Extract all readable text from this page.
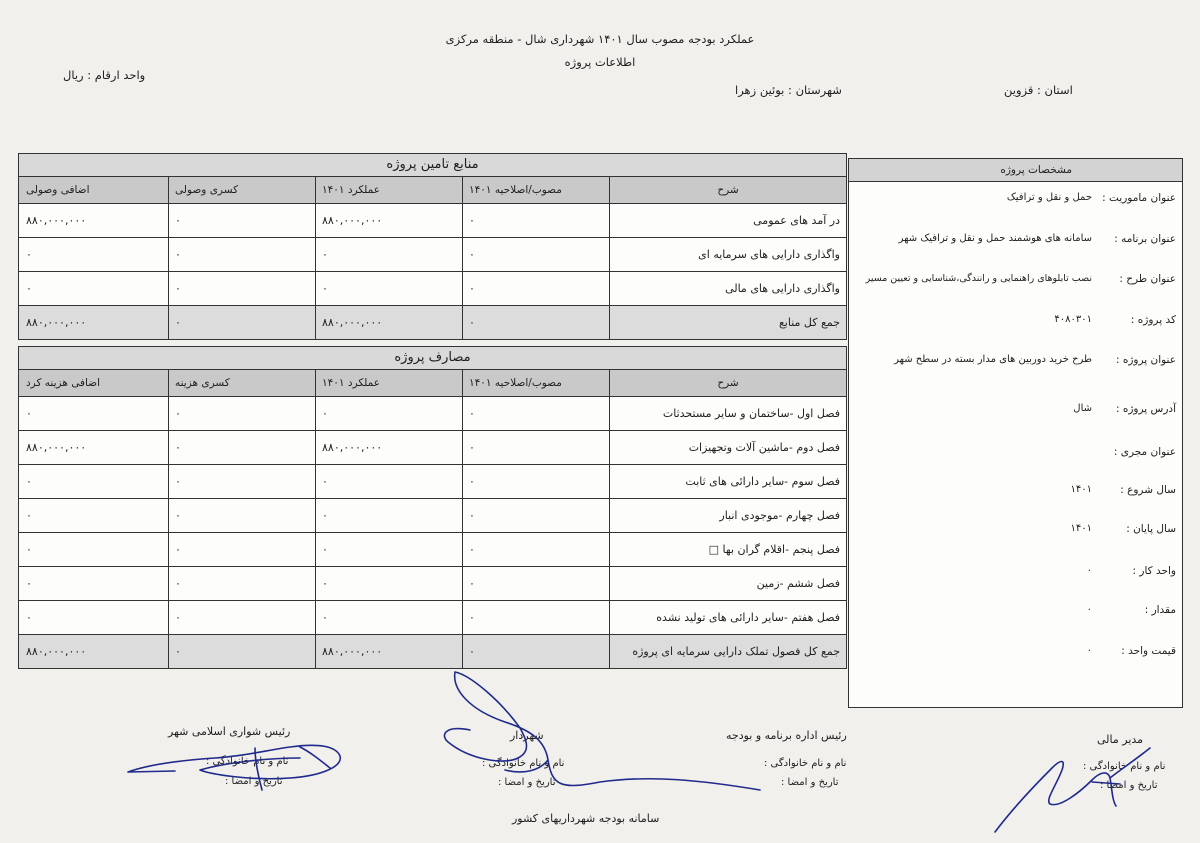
عملکرد بودجه مصوب سال ۱۴۰۱ شهرداری شال - منطقه مرکزی
اطلاعات پروژه
واحد ارقام : ریال
استان : قزوین
شهرستان : بوئین زهرا
منابع تامین پروژه
شرح
مصوب/اصلاحیه ۱۴۰۱
عملکرد ۱۴۰۱
کسری وصولی
اضافی وصولی
در آمد های عمومی
۰
۸۸۰,۰۰۰,۰۰۰
۰
۸۸۰,۰۰۰,۰۰۰
واگذاری دارایی های سرمایه ای
۰
۰
۰
۰
واگذاری دارایی های مالی
۰
۰
۰
۰
جمع کل منابع
۰
۸۸۰,۰۰۰,۰۰۰
۰
۸۸۰,۰۰۰,۰۰۰
مصارف پروژه
شرح
مصوب/اصلاحیه ۱۴۰۱
عملکرد ۱۴۰۱
کسری هزینه
اضافی هزینه کرد
فصل اول -ساختمان و سایر مستحدثات
۰
۰
۰
۰
فصل دوم -ماشین آلات وتجهیزات
۰
۸۸۰,۰۰۰,۰۰۰
۰
۸۸۰,۰۰۰,۰۰۰
فصل سوم -سایر دارائی های ثابت
۰
۰
۰
۰
فصل چهارم -موجودی انبار
۰
۰
۰
۰
فصل پنجم -اقلام گران بها □
۰
۰
۰
۰
فصل ششم -زمین
۰
۰
۰
۰
فصل هفتم -سایر دارائی های تولید نشده
۰
۰
۰
۰
جمع کل فصول تملک دارایی سرمایه ای پروژه
۰
۸۸۰,۰۰۰,۰۰۰
۰
۸۸۰,۰۰۰,۰۰۰
مشخصات پروژه
عنوان ماموریت :
حمل و نقل و ترافیک
عنوان برنامه :
سامانه های هوشمند حمل و نقل و ترافیک شهر
عنوان طرح :
نصب تابلوهای راهنمایی و رانندگی،شناسایی و تعیین مسیر
کد پروژه :
۴۰۸۰۳۰۱
عنوان پروژه :
طرح خرید دوربین های مدار بسته در سطح شهر
آدرس پروژه :
شال
عنوان مجری :
سال شروع :
۱۴۰۱
سال پایان :
۱۴۰۱
واحد کار :
۰
مقدار :
۰
قیمت واحد :
۰
مدیر مالی
نام و نام خانوادگی :
تاریخ و امضا :
رئیس اداره برنامه و بودجه
نام و نام خانوادگی :
تاریخ و امضا :
شهردار
نام و نام خانوادگی :
تاریخ و امضا :
رئیس شوارى اسلامی شهر
نام و نام خانوادگی :
تاریخ و امضا :
سامانه بودجه شهرداریهای کشور
